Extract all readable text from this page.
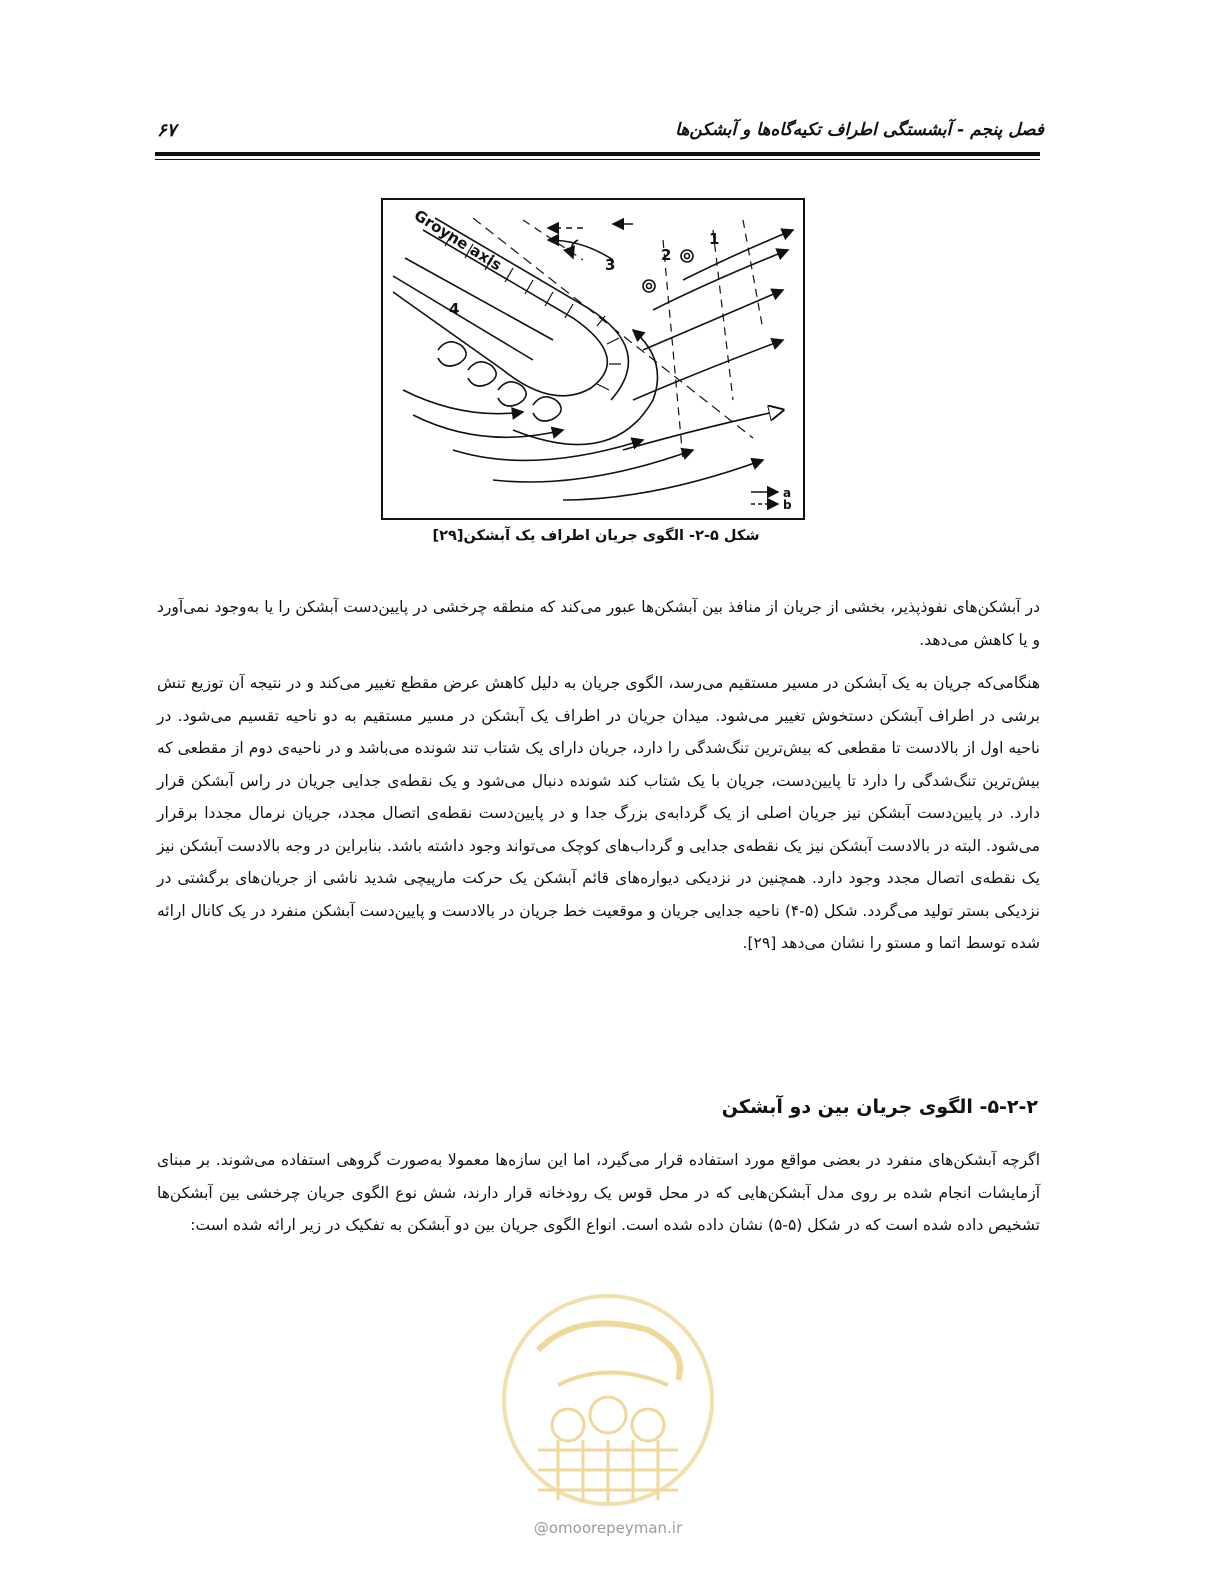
فصل پنجم - آبشستگی اطراف تکیه‌گاه‌ها و آبشکن‌ها
۶۷
Groyne axis	3
2
1
4
a
b
شکل ۵-۲- الگوی جریان اطراف یک آبشکن[۲۹]
در آبشکن‌های نفوذپذیر، بخشی از جریان از منافذ بین آبشکن‌ها عبور می‌کند که منطقه چرخشی در پایین‌دست آبشکن را یا به‌وجود نمی‌آورد و یا کاهش می‌دهد.
هنگامی‌که جریان به یک آبشکن در مسیر مستقیم می‌رسد، الگوی جریان به دلیل کاهش عرض مقطع تغییر می‌کند و در نتیجه آن توزیع تنش برشی در اطراف آبشکن دستخوش تغییر می‌شود. میدان جریان در اطراف یک آبشکن در مسیر مستقیم به دو ناحیه تقسیم می‌شود. در ناحیه اول از بالادست تا مقطعی که بیش‌ترین تنگ‌شدگی را دارد، جریان دارای یک شتاب تند شونده می‌باشد و در ناحیه‌ی دوم از مقطعی که بیش‌ترین تنگ‌شدگی را دارد تا پایین‌دست، جریان با یک شتاب کند شونده دنبال می‌شود و یک نقطه‌ی جدایی جریان در راس آبشکن قرار دارد. در پایین‌دست آبشکن نیز جریان اصلی از یک گردابه‌ی بزرگ جدا و در پایین‌دست نقطه‌ی اتصال مجدد، جریان نرمال مجددا برقرار می‌شود. البته در بالادست آبشکن نیز یک نقطه‌ی جدایی و گرداب‌های کوچک می‌تواند وجود داشته باشد. بنابراین در وجه بالادست آبشکن نیز یک نقطه‌ی اتصال مجدد وجود دارد. همچنین در نزدیکی دیواره‌های قائم آبشکن یک حرکت مارپیچی شدید ناشی از جریان‌های برگشتی در نزدیکی بستر تولید می‌گردد. شکل (۵-۴) ناحیه جدایی جریان و موقعیت خط جریان در بالادست و پایین‌دست آبشکن منفرد در یک کانال ارائه شده توسط اتما و مستو را نشان می‌دهد [۲۹].
۵-۲-۲- الگوی جریان بین دو آبشکن
اگرچه آبشکن‌های منفرد در بعضی مواقع مورد استفاده قرار می‌گیرد، اما این سازه‌ها معمولا به‌صورت گروهی استفاده می‌شوند. بر مبنای آزمایشات انجام شده بر روی مدل آبشکن‌هایی که در محل قوس یک رودخانه قرار دارند، شش نوع الگوی جریان چرخشی بین آبشکن‌ها تشخیص داده شده است که در شکل (۵-۵) نشان داده شده است. انواع الگوی جریان بین دو آبشکن به تفکیک در زیر ارائه شده است:
@omoorepeyman.ir
